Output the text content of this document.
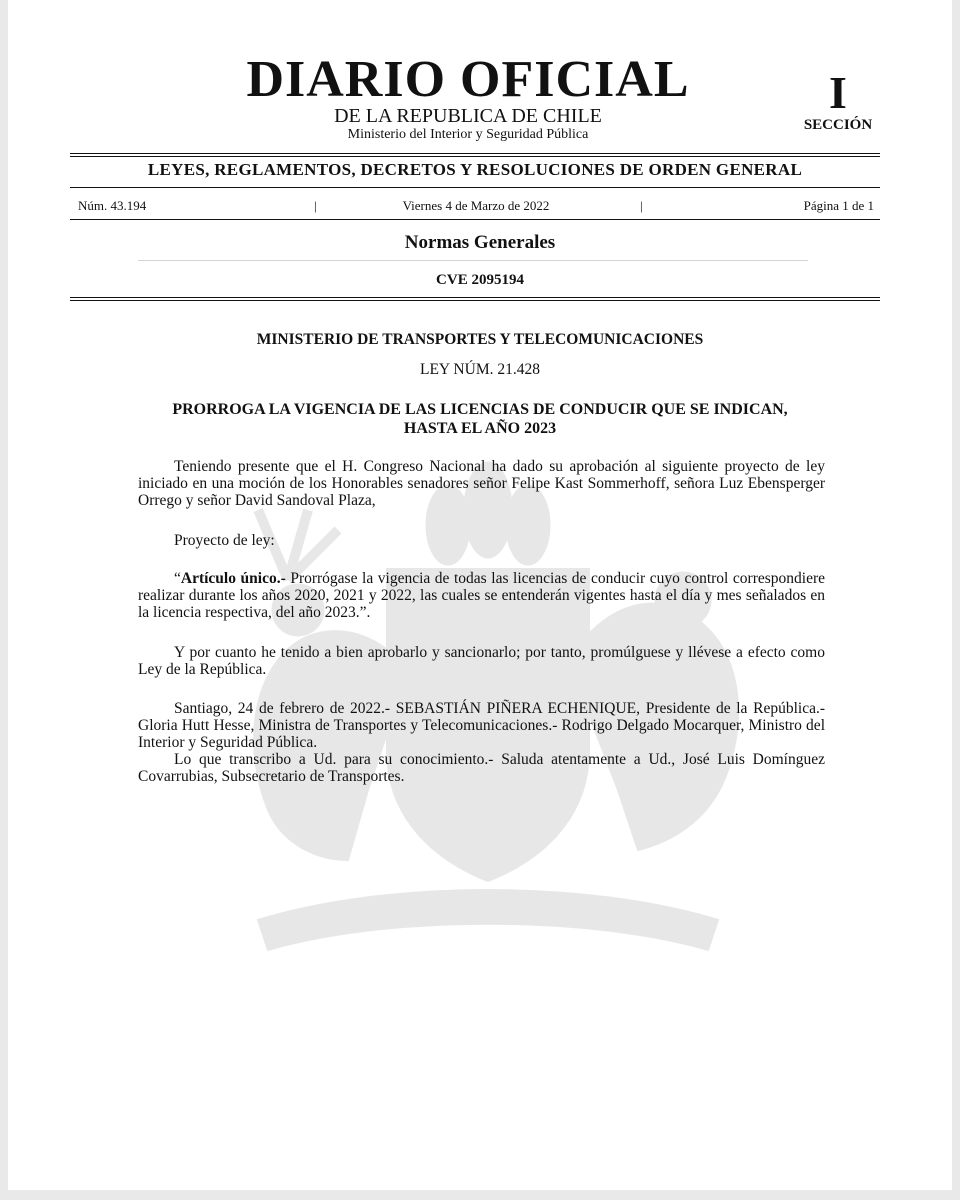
POR LA RAZON O LA FUERZA
DIARIO OFICIAL
DE LA REPUBLICA DE CHILE
Ministerio del Interior y Seguridad Pública
I
SECCIÓN
LEYES, REGLAMENTOS, DECRETOS Y RESOLUCIONES DE ORDEN GENERAL
Núm. 43.194	|	Viernes 4 de Marzo de 2022	|	Página 1 de 1
Normas Generales
CVE 2095194
MINISTERIO DE TRANSPORTES Y TELECOMUNICACIONES
LEY NÚM. 21.428
PRORROGA LA VIGENCIA DE LAS LICENCIAS DE CONDUCIR QUE SE INDICAN,
HASTA EL AÑO 2023

Teniendo presente que el H. Congreso Nacional ha dado su aprobación al siguiente proyecto de ley iniciado en una moción de los Honorables senadores señor Felipe Kast Sommerhoff, señora Luz Ebensperger Orrego y señor David Sandoval Plaza,

Proyecto de ley:

“Artículo único.- Prorrógase la vigencia de todas las licencias de conducir cuyo control correspondiere realizar durante los años 2020, 2021 y 2022, las cuales se entenderán vigentes hasta el día y mes señalados en la licencia respectiva, del año 2023.”.

Y por cuanto he tenido a bien aprobarlo y sancionarlo; por tanto, promúlguese y llévese a efecto como Ley de la República.

Santiago, 24 de febrero de 2022.- SEBASTIÁN PIÑERA ECHENIQUE, Presidente de la República.- Gloria Hutt Hesse, Ministra de Transportes y Telecomunicaciones.- Rodrigo Delgado Mocarquer, Ministro del Interior y Seguridad Pública.

Lo que transcribo a Ud. para su conocimiento.- Saluda atentamente a Ud., José Luis Domínguez Covarrubias, Subsecretario de Transportes.
